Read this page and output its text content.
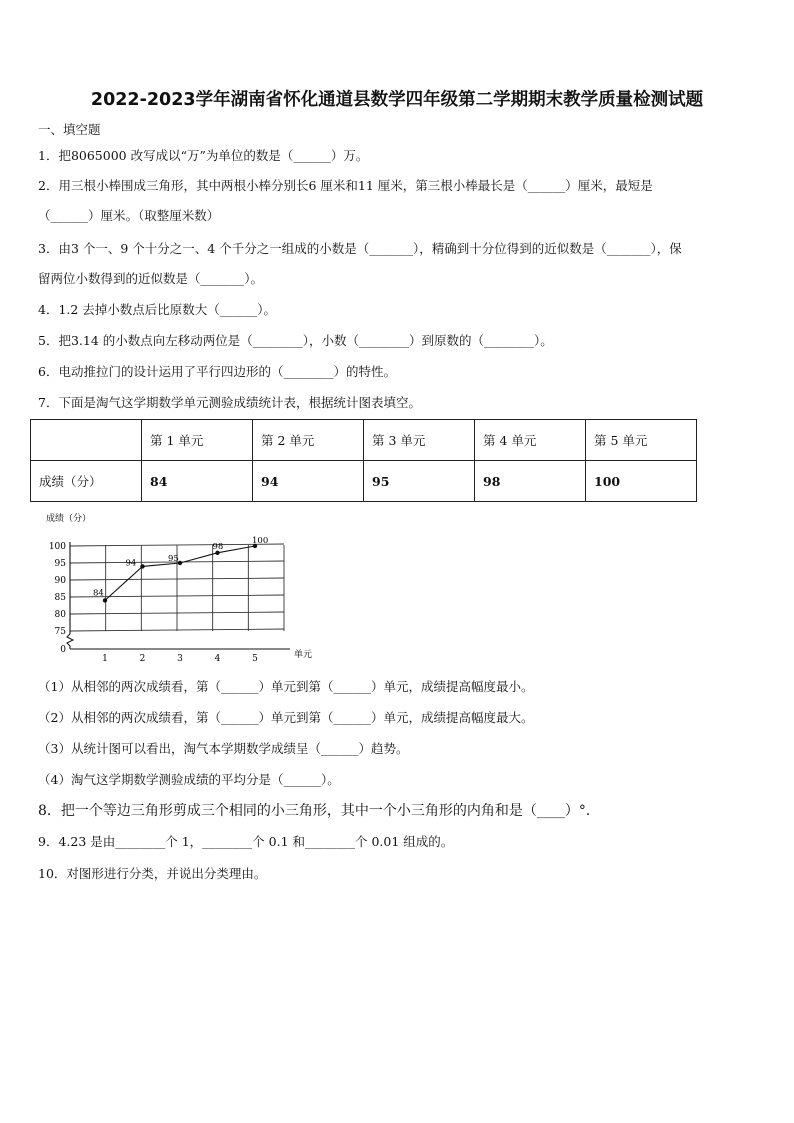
2022-2023学年湖南省怀化通道县数学四年级第二学期期末教学质量检测试题
一、填空题
1．把8065000 改写成以“万”为单位的数是（______）万。
2．用三根小棒围成三角形，其中两根小棒分别长6 厘米和11 厘米，第三根小棒最长是（______）厘米，最短是
（______）厘米。（取整厘米数）
3．由3 个一、9 个十分之一、4 个千分之一组成的小数是（_______），精确到十分位得到的近似数是（_______），保
留两位小数得到的近似数是（_______）。
4．1.2 去掉小数点后比原数大（______）。
5．把3.14 的小数点向左移动两位是（________），小数（________）到原数的（________）。
6．电动推拉门的设计运用了平行四边形的（________）的特性。
7．下面是淘气这学期数学单元测验成绩统计表，根据统计图表填空。
	第 1 单元	第 2 单元	第 3 单元	第 4 单元	第 5 单元
成绩（分）	84	94	95	98	100
成绩（分）
0
75
80
85
90
95
100
1	2	3	4	5	单元
84
94	95
98
100
（1）从相邻的两次成绩看，第（______）单元到第（______）单元，成绩提高幅度最小。
（2）从相邻的两次成绩看，第（______）单元到第（______）单元，成绩提高幅度最大。
（3）从统计图可以看出，淘气本学期数学成绩呈（______）趋势。
（4）淘气这学期数学测验成绩的平均分是（______）。
8．把一个等边三角形剪成三个相同的小三角形，其中一个小三角形的内角和是（____）°．
9．4.23 是由________个 1，________个 0.1 和________个 0.01 组成的。
10．对图形进行分类，并说出分类理由。
